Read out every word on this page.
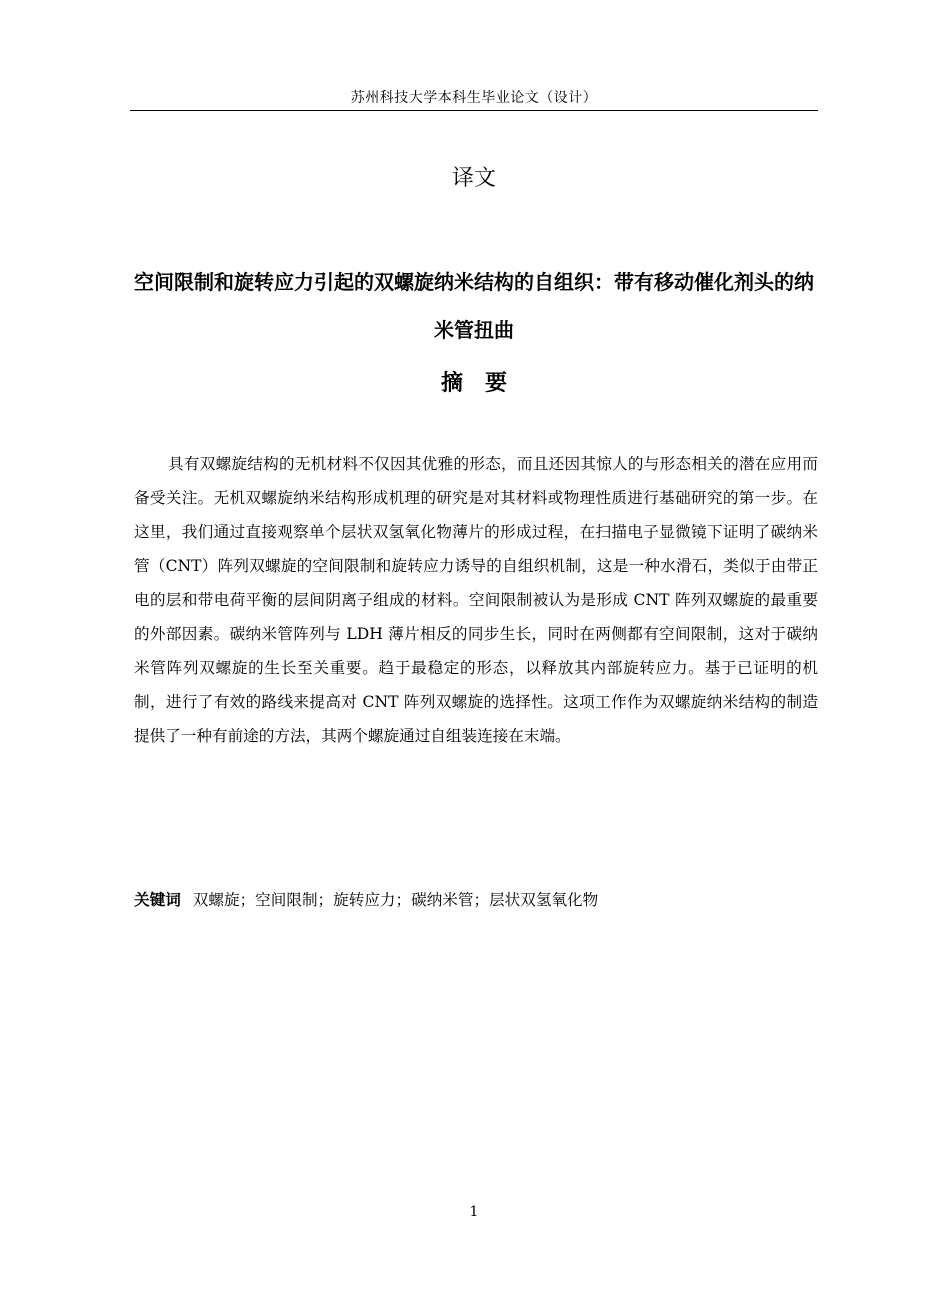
苏州科技大学本科生毕业论文（设计）
译文
空间限制和旋转应力引起的双螺旋纳米结构的自组织：带有移动催化剂头的纳米管扭曲
摘要

具有双螺旋结构的无机材料不仅因其优雅的形态，而且还因其惊人的与形态相关的潜在应用而备受关注。无机双螺旋纳米结构形成机理的研究是对其材料或物理性质进行基础研究的第一步。在这里，我们通过直接观察单个层状双氢氧化物薄片的形成过程，在扫描电子显微镜下证明了碳纳米管（CNT）阵列双螺旋的空间限制和旋转应力诱导的自组织机制，这是一种水滑石，类似于由带正电的层和带电荷平衡的层间阴离子组成的材料。空间限制被认为是形成 CNT 阵列双螺旋的最重要的外部因素。碳纳米管阵列与 LDH 薄片相反的同步生长，同时在两侧都有空间限制，这对于碳纳米管阵列双螺旋的生长至关重要。趋于最稳定的形态，以释放其内部旋转应力。基于已证明的机制，进行了有效的路线来提高对 CNT 阵列双螺旋的选择性。这项工作作为双螺旋纳米结构的制造提供了一种有前途的方法，其两个螺旋通过自组装连接在末端。

关键词 双螺旋；空间限制；旋转应力；碳纳米管；层状双氢氧化物
1
